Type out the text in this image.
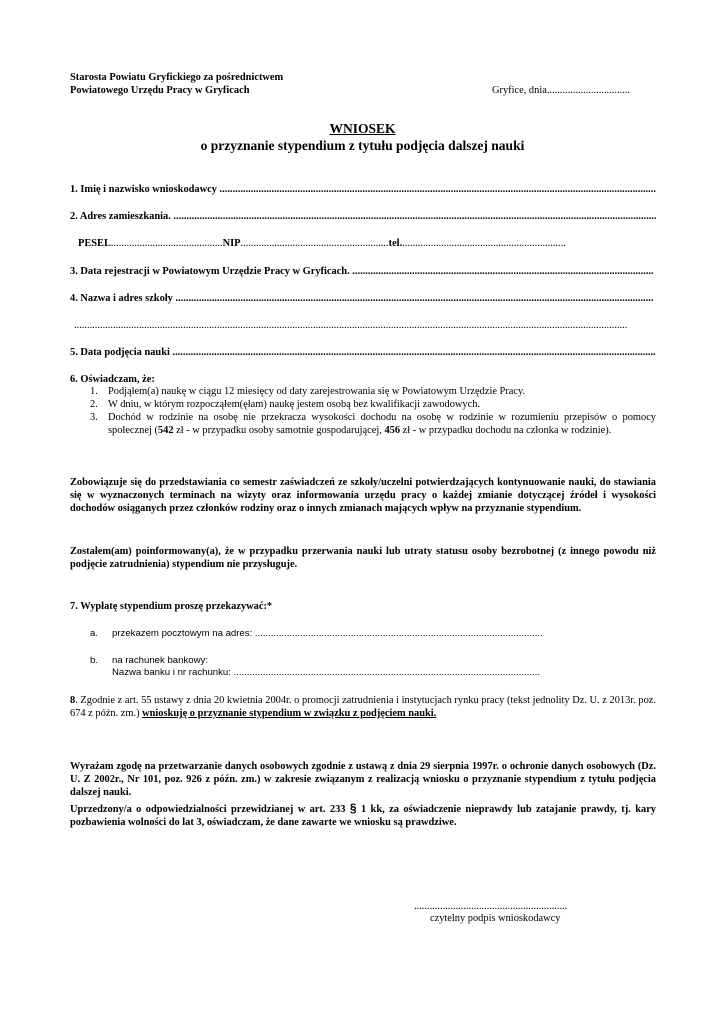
Starosta Powiatu Gryfickiego za pośrednictwem
Powiatowego Urzędu Pracy w Gryficach	Gryfice, dnia................................
WNIOSEK
o przyznanie stypendium z tytułu podjęcia dalszej nauki
1. Imię i nazwisko wnioskodawcy .....
2. Adres zamieszkania. .....
PESEL...........................................NIP.........................................................tel................................................................
3. Data rejestracji w Powiatowym Urzędzie Pracy w Gryficach. .....
4. Nazwa i adres szkoły .....
.....................................................................................................................................................................................................................
5. Data podjęcia nauki .....
6. Oświadczam, że:
1. Podjąłem(a) naukę w ciągu 12 miesięcy od daty zarejestrowania się w Powiatowym Urzędzie Pracy.
2. W dniu, w którym rozpocząłem(ęłam) naukę jestem osobą bez kwalifikacji zawodowych.
3. Dochód w rodzinie na osobę nie przekracza wysokości dochodu na osobę w rodzinie w rozumieniu przepisów o pomocy społecznej (542 zł - w przypadku osoby samotnie gospodarującej, 456 zł - w przypadku dochodu na członka w rodzinie).
Zobowiązuje się do przedstawiania co semestr zaświadczeń ze szkoły/uczelni potwierdzających kontynuowanie nauki, do stawiania się w wyznaczonych terminach na wizyty oraz informowania urzędu pracy o każdej zmianie dotyczącej źródeł i wysokości dochodów osiąganych przez członków rodziny oraz o innych zmianach mających wpływ na przyznanie stypendium.
Zostałem(am) poinformowany(a), że w przypadku przerwania nauki lub utraty statusu osoby bezrobotnej (z innego powodu niż podjęcie zatrudnienia) stypendium nie przysługuje.
7. Wypłatę stypendium proszę przekazywać:*
a. przekazem pocztowym na adres: ............................................................................................................
b. na rachunek bankowy:
Nazwa banku i nr rachunku: ...................................................................................................................
8. Zgodnie z art. 55 ustawy z dnia 20 kwietnia 2004r. o promocji zatrudnienia i instytucjach rynku pracy (tekst jednolity Dz. U. z 2013r. poz. 674 z późn. zm.) wnioskuję o przyznanie stypendium w związku z podjęciem nauki.
Wyrażam zgodę na przetwarzanie danych osobowych zgodnie z ustawą z dnia 29 sierpnia 1997r. o ochronie danych osobowych (Dz. U. Z 2002r., Nr 101, poz. 926 z późn. zm.) w zakresie związanym z realizacją wniosku o przyznanie stypendium z tytułu podjęcia dalszej nauki.
Uprzedzony/a o odpowiedzialności przewidzianej w art. 233 § 1 kk, za oświadczenie nieprawdy lub zatajanie prawdy, tj. kary pozbawienia wolności do lat 3, oświadczam, że dane zawarte we wniosku są prawdziwe.
...........................................................
czytelny podpis wnioskodawcy
